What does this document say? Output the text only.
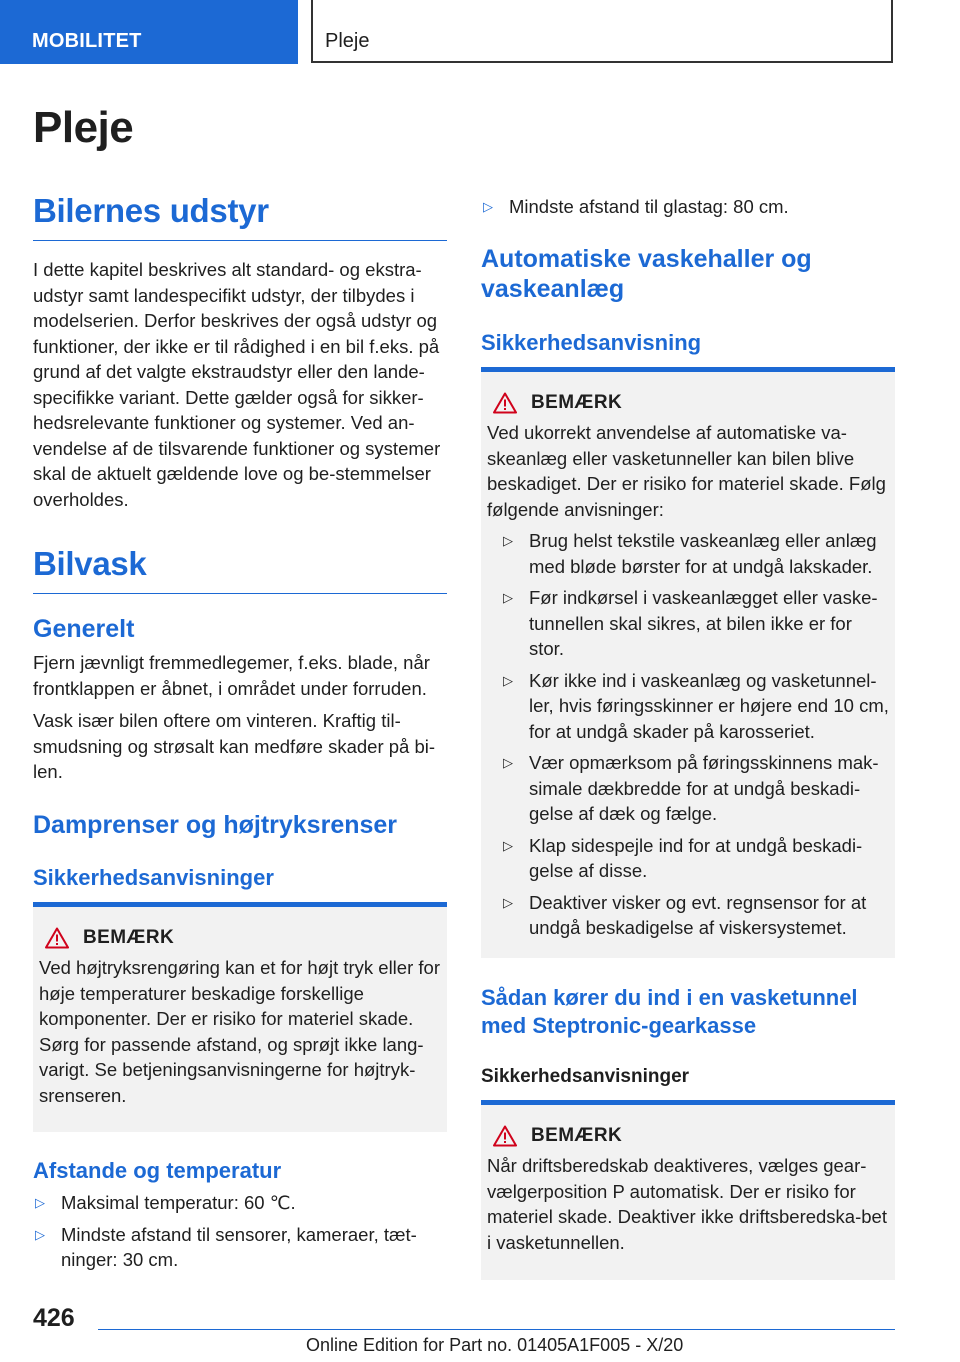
MOBILITET	Pleje
Pleje
Bilernes udstyr

I dette kapitel beskrives alt standard- og ekstra-udstyr samt landespecifikt udstyr, der tilbydes i modelserien. Derfor beskrives der også udstyr og funktioner, der ikke er til rådighed i en bil f.eks. på grund af det valgte ekstraudstyr eller den lande-specifikke variant. Dette gælder også for sikker-hedsrelevante funktioner og systemer. Ved an-vendelse af de tilsvarende funktioner og systemer skal de aktuelt gældende love og be-stemmelser overholdes.

Bilvask
Generelt

Fjern jævnligt fremmedlegemer, f.eks. blade, når frontklappen er åbnet, i området under forruden.

Vask især bilen oftere om vinteren. Kraftig til-smudsning og strøsalt kan medføre skader på bi-len.

Damprenser og højtryksrenser
Sikkerhedsanvisninger
BEMÆRK

Ved højtryksrengøring kan et for højt tryk eller for høje temperaturer beskadige forskellige komponenter. Der er risiko for materiel skade. Sørg for passende afstand, og sprøjt ikke lang-varigt. Se betjeningsanvisningerne for højtryk-srenseren.

Afstande og temperatur
▷ Maksimal temperatur: 60 ℃.
▷ Mindste afstand til sensorer, kameraer, tæt-ninger: 30 cm.
▷ Mindste afstand til glastag: 80 cm.
Automatiske vaskehaller og vaskeanlæg
Sikkerhedsanvisning
BEMÆRK

Ved ukorrekt anvendelse af automatiske va-skeanlæg eller vasketunneller kan bilen blive beskadiget. Der er risiko for materiel skade. Følg følgende anvisninger:

▷ Brug helst tekstile vaskeanlæg eller anlæg med bløde børster for at undgå lakskader.
▷ Før indkørsel i vaskeanlægget eller vaske-tunnellen skal sikres, at bilen ikke er for stor.
▷ Kør ikke ind i vaskeanlæg og vasketunnel-ler, hvis føringsskinner er højere end 10 cm, for at undgå skader på karosseriet.
▷ Vær opmærksom på føringsskinnens mak-simale dækbredde for at undgå beskadi-gelse af dæk og fælge.
▷ Klap sidespejle ind for at undgå beskadi-gelse af disse.
▷ Deaktiver visker og evt. regnsensor for at undgå beskadigelse af viskersystemet.
Sådan kører du ind i en vasketunnel med Steptronic-gearkasse
Sikkerhedsanvisninger
BEMÆRK

Når driftsberedskab deaktiveres, vælges gear-vælgerposition P automatisk. Der er risiko for materiel skade. Deaktiver ikke driftsberedska-bet i vasketunnellen.

426
Online Edition for Part no. 01405A1F005 - X/20
